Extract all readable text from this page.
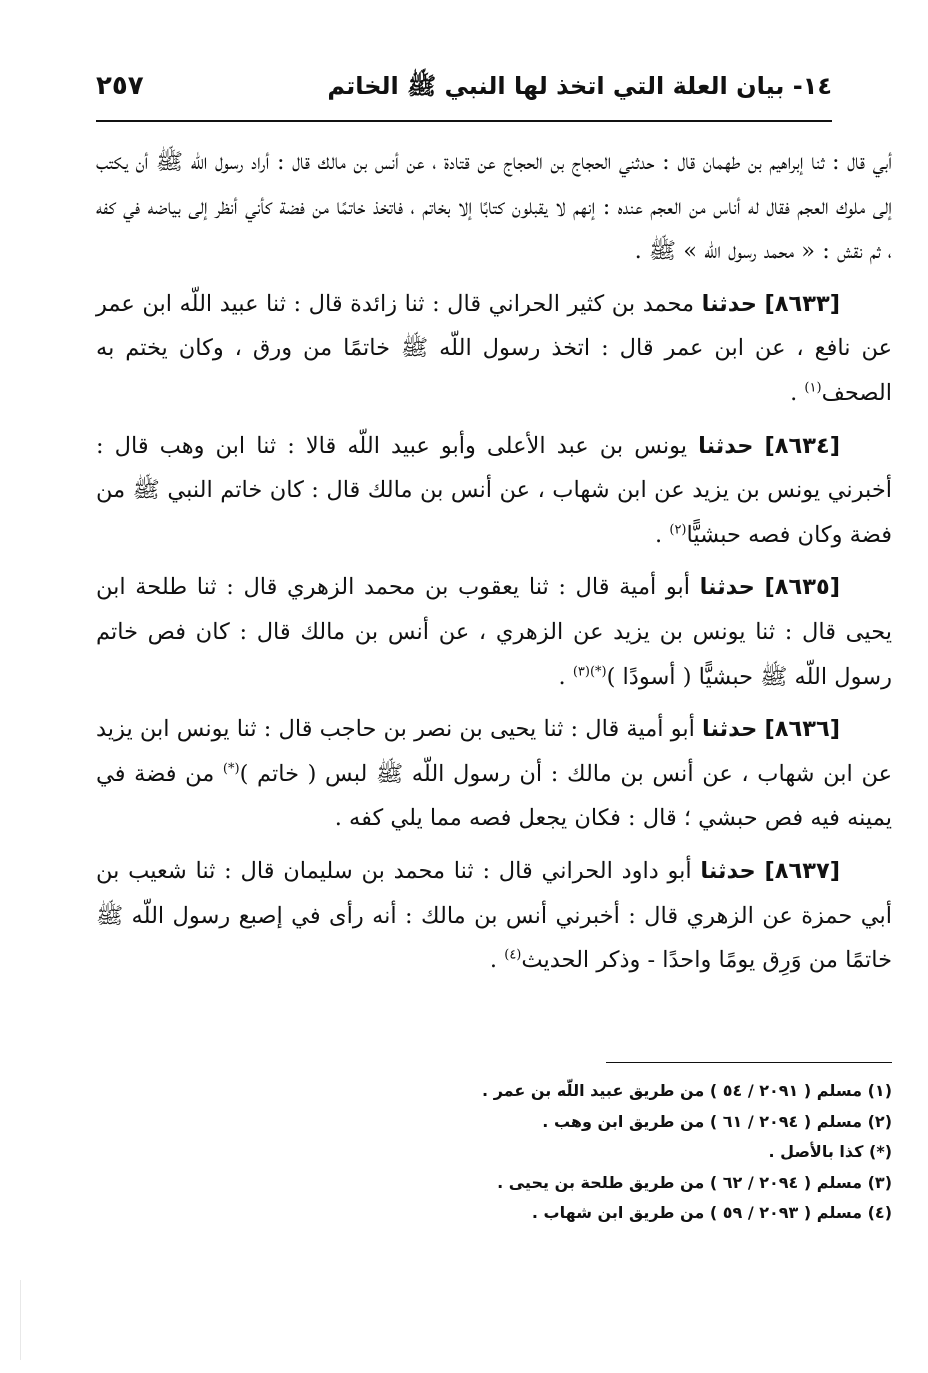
١٤- بيان العلة التي اتخذ لها النبي ﷺ الخاتم
٢٥٧

أبي قال : ثنا إبراهيم بن طهمان قال : حدثني الحجاج بن الحجاج عن قتادة ، عن أنس بن مالك قال : أراد رسول اللّه ﷺ أن يكتب إلى ملوك العجم فقال له أناس من العجم عنده : إنهم لا يقبلون كتابًا إلا بخاتم ، فاتخذ خاتمًا من فضة كأني أنظر إلى بياضه في كفه ، ثم نقش : « محمد رسول اللّه » ﷺ .

[٨٦٣٣] حدثنا محمد بن كثير الحراني قال : ثنا زائدة قال : ثنا عبيد اللّه ابن عمر عن نافع ، عن ابن عمر قال : اتخذ رسول اللّه ﷺ خاتمًا من ورق ، وكان يختم به الصحف$^{(١)}$ .

[٨٦٣٤] حدثنا يونس بن عبد الأعلى وأبو عبيد اللّه قالا : ثنا ابن وهب قال : أخبرني يونس بن يزيد عن ابن شهاب ، عن أنس بن مالك قال : كان خاتم النبي ﷺ من فضة وكان فصه حبشيًّا$^{(٢)}$ .

[٨٦٣٥] حدثنا أبو أمية قال : ثنا يعقوب بن محمد الزهري قال : ثنا طلحة ابن يحيى قال : ثنا يونس بن يزيد عن الزهري ، عن أنس بن مالك قال : كان فص خاتم رسول اللّه ﷺ حبشيًّا ( أسودًا )$^{(*)(٣)}$ .

[٨٦٣٦] حدثنا أبو أمية قال : ثنا يحيى بن نصر بن حاجب قال : ثنا يونس ابن يزيد عن ابن شهاب ، عن أنس بن مالك : أن رسول اللّه ﷺ لبس ( خاتم )(*) من فضة في يمينه فيه فص حبشي ؛ قال : فكان يجعل فصه مما يلي كفه .

[٨٦٣٧] حدثنا أبو داود الحراني قال : ثنا محمد بن سليمان قال : ثنا شعيب بن أبي حمزة عن الزهري قال : أخبرني أنس بن مالك : أنه رأى في إصبع رسول اللّه ﷺ خاتمًا من وَرِق يومًا واحدًا - وذكر الحديث$^{(٤)}$ .

(١) مسلم ( ٢٠٩١ / ٥٤ ) من طريق عبيد اللّه بن عمر .
(٢) مسلم ( ٢٠٩٤ / ٦١ ) من طريق ابن وهب .
(*) كذا بالأصل .
(٣) مسلم ( ٢٠٩٤ / ٦٢ ) من طريق طلحة بن يحيى .
(٤) مسلم ( ٢٠٩٣ / ٥٩ ) من طريق ابن شهاب .
